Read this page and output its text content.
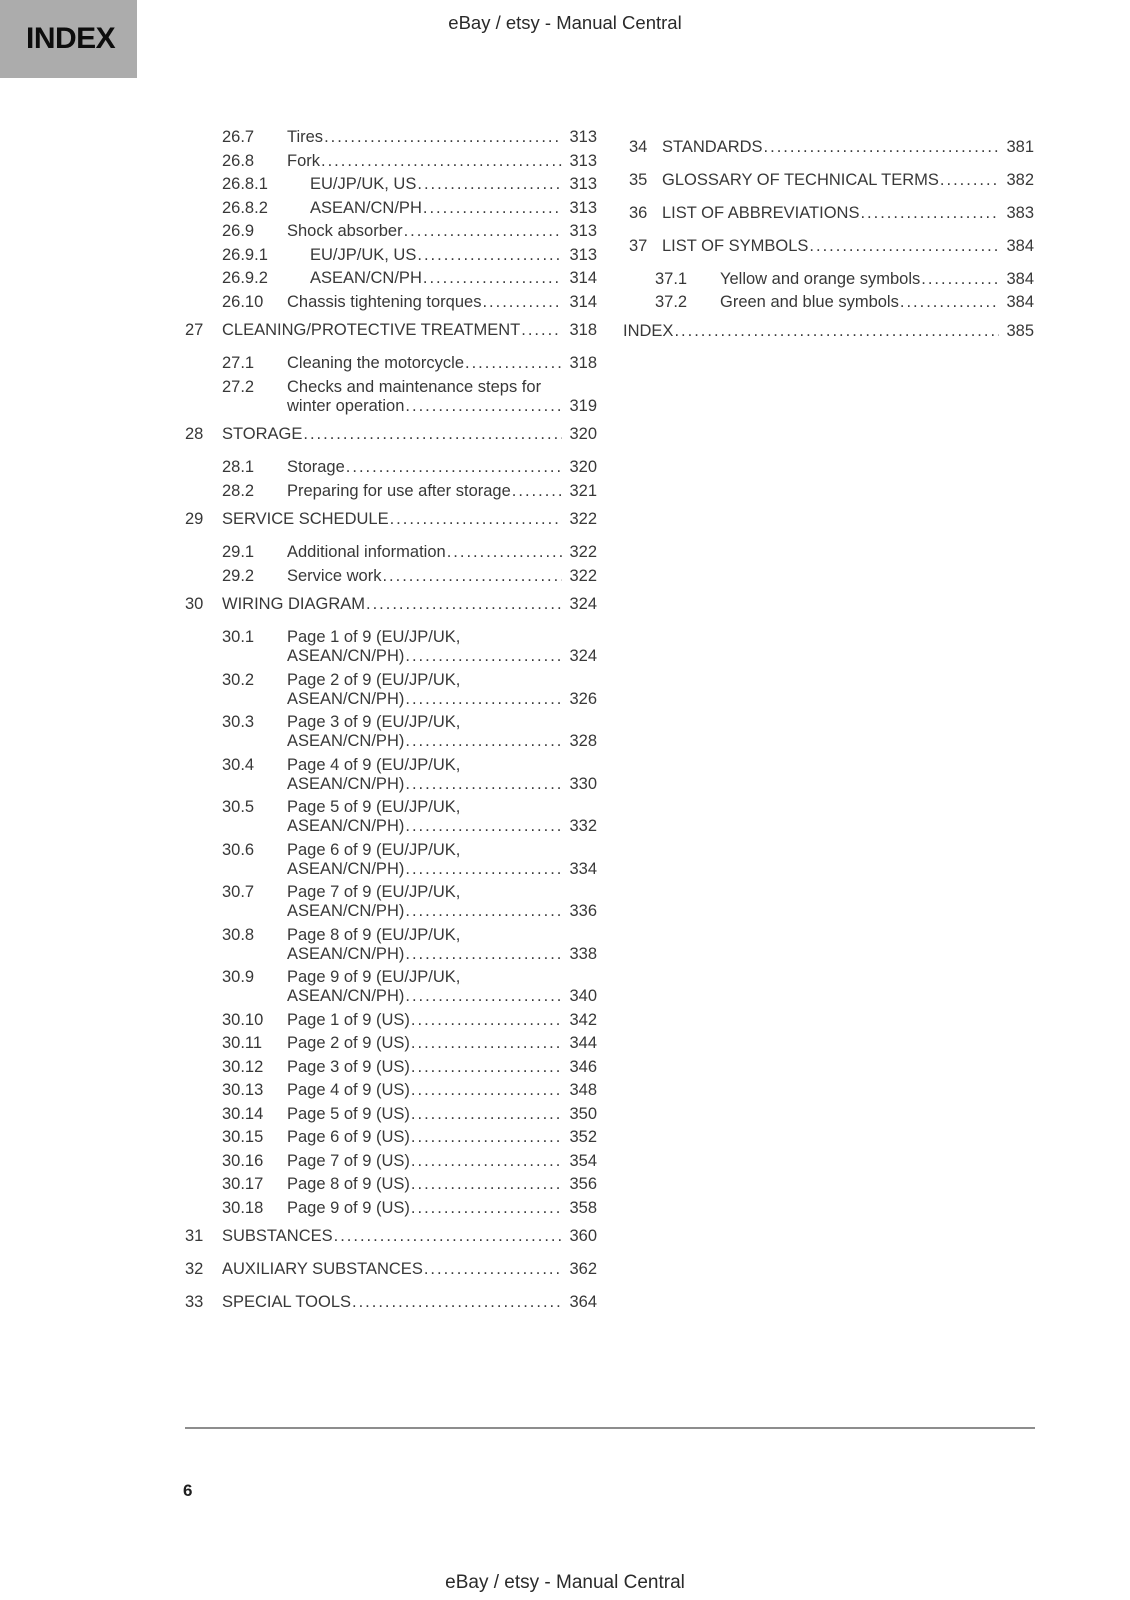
INDEX	eBay / etsy - Manual Central
26.7	Tires .....	313
26.8	Fork .....	313
26.8.1	EU/JP/UK, US .....	313
26.8.2	ASEAN/CN/PH .....	313
26.9	Shock absorber .....	313
26.9.1	EU/JP/UK, US .....	313
26.9.2	ASEAN/CN/PH .....	314
26.10	Chassis tightening torques .....	314
27	CLEANING/PROTECTIVE TREATMENT .....	318
27.1	Cleaning the motorcycle .....	318
27.2	Checks and maintenance steps for
winter operation .....	319
28	STORAGE .....	320
28.1	Storage .....	320
28.2	Preparing for use after storage .....	321
29	SERVICE SCHEDULE .....	322
29.1	Additional information .....	322
29.2	Service work .....	322
30	WIRING DIAGRAM .....	324
30.1	Page 1 of 9 (EU/JP/UK,
ASEAN/CN/PH) .....	324
30.2	Page 2 of 9 (EU/JP/UK,
ASEAN/CN/PH) .....	326
30.3	Page 3 of 9 (EU/JP/UK,
ASEAN/CN/PH) .....	328
30.4	Page 4 of 9 (EU/JP/UK,
ASEAN/CN/PH) .....	330
30.5	Page 5 of 9 (EU/JP/UK,
ASEAN/CN/PH) .....	332
30.6	Page 6 of 9 (EU/JP/UK,
ASEAN/CN/PH) .....	334
30.7	Page 7 of 9 (EU/JP/UK,
ASEAN/CN/PH) .....	336
30.8	Page 8 of 9 (EU/JP/UK,
ASEAN/CN/PH) .....	338
30.9	Page 9 of 9 (EU/JP/UK,
ASEAN/CN/PH) .....	340
30.10	Page 1 of 9 (US) .....	342
30.11	Page 2 of 9 (US) .....	344
30.12	Page 3 of 9 (US) .....	346
30.13	Page 4 of 9 (US) .....	348
30.14	Page 5 of 9 (US) .....	350
30.15	Page 6 of 9 (US) .....	352
30.16	Page 7 of 9 (US) .....	354
30.17	Page 8 of 9 (US) .....	356
30.18	Page 9 of 9 (US) .....	358
31	SUBSTANCES .....	360
32	AUXILIARY SUBSTANCES .....	362
33	SPECIAL TOOLS .....	364
34 STANDARDS .....	381
35 GLOSSARY OF TECHNICAL TERMS .....	382
36 LIST OF ABBREVIATIONS .....	383
37 LIST OF SYMBOLS .....	384
37.1	Yellow and orange symbols .....	384
37.2	Green and blue symbols .....	384
INDEX .....	385
6
eBay / etsy - Manual Central
